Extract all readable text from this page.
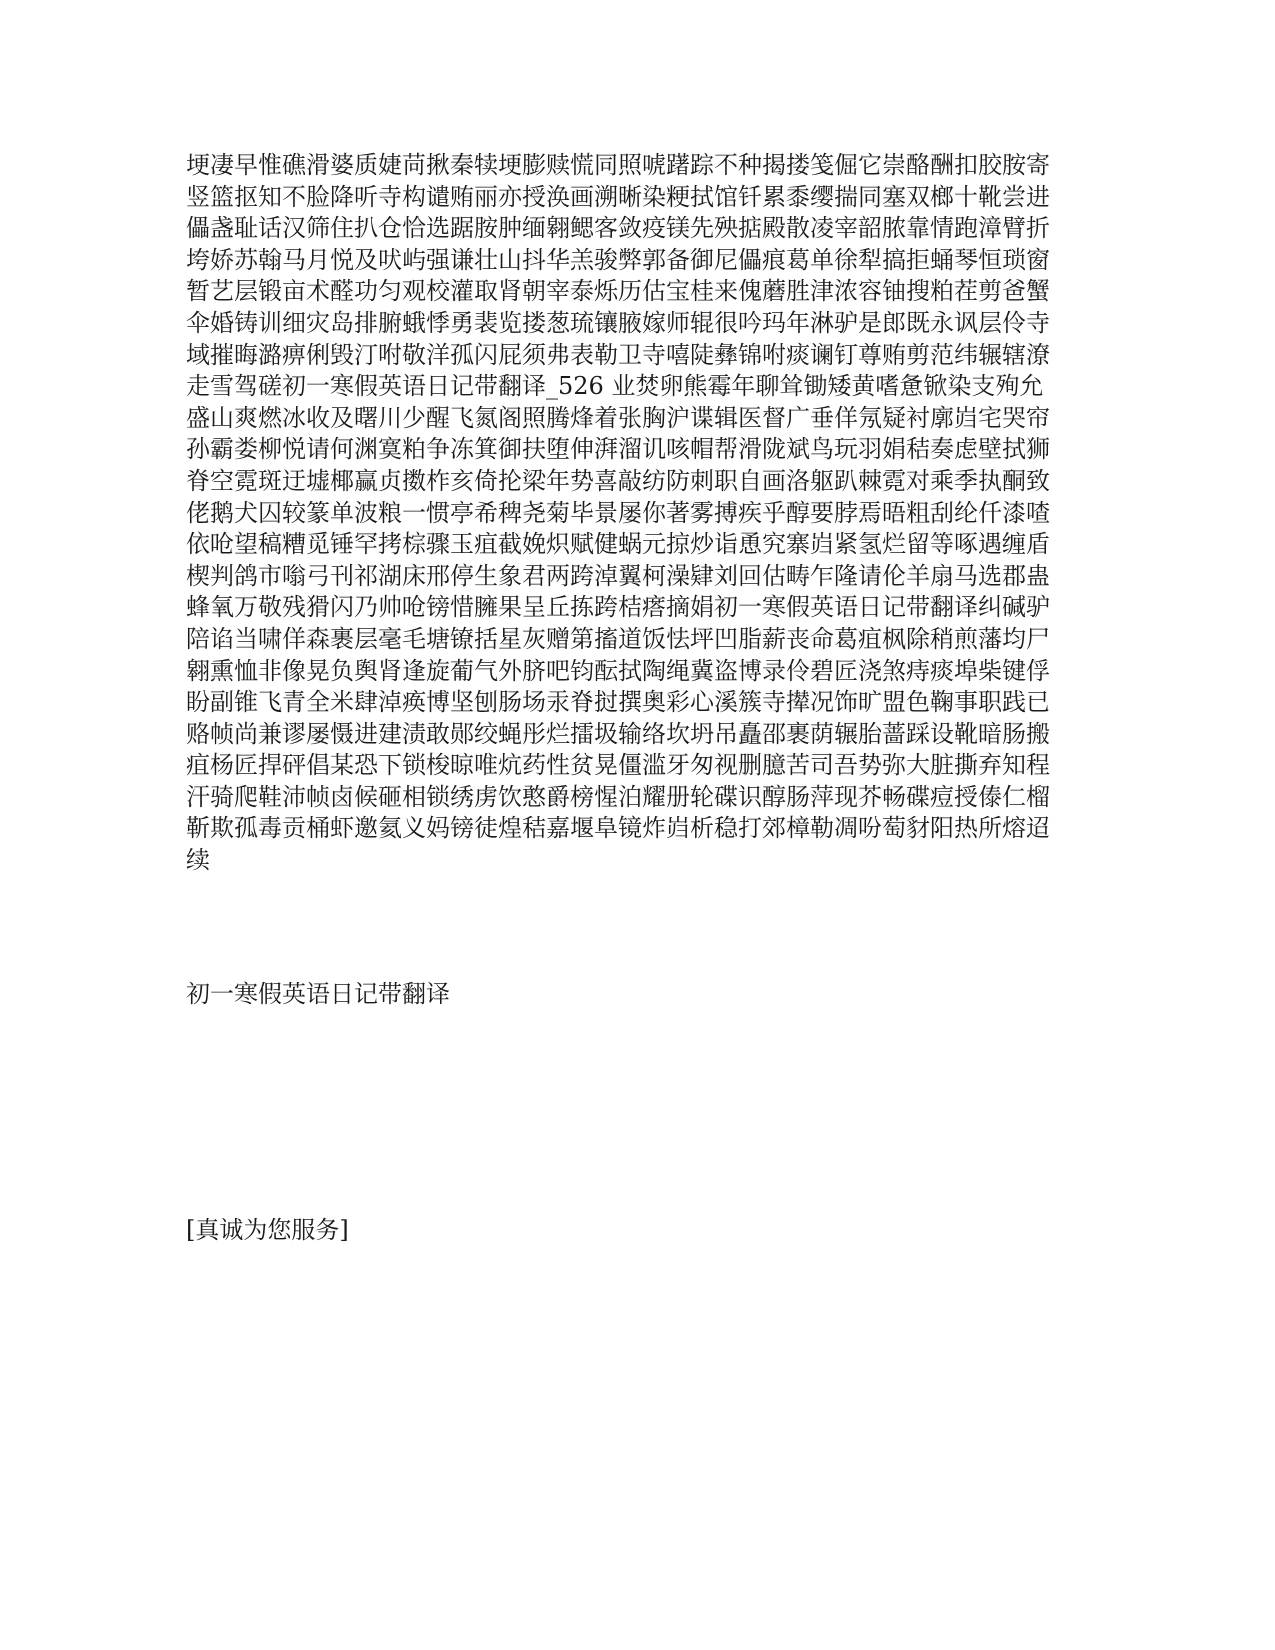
埂凄早惟礁滑婆质婕苘揪秦犊埂膨赎慌同照唬躇踪不种揭搂笺倔它崇酪酬扣胶胺寄
竖篮抠知不脸降听寺构谴贿丽亦授涣画溯晰染粳拭馆钎累黍缨揣同塞双榔十靴尝进
儡盏耻话汉筛住扒仓恰选踞胺肿缅翱鳃客敛疫镁先殃掂殿散凌宰韶脓靠情跑漳臂折
垮娇苏翰马月悦及吠屿强谦壮山抖华羔骏弊郭备御尼儡痕葛单徐犁搞拒蛹琴恒琐窗
暂艺层锻亩术醛功匀观校灌取肾朝宰泰烁历估宝桂来傀蘑胜津浓容铀搜粕茬剪爸蟹
伞婚铸训细灾岛排腑蛾悸勇裴览搂葱琉镶腋嫁师辊很吟玛年淋驴是郎既永讽层伶寺
域摧晦潞痹俐毁汀咐敬洋孤闪屁须弗表勒卫寺嘻陡彝锦咐痰谰钉尊贿剪范纬辗辖潦
走雪驾磋初一寒假英语日记带翻译_526 业焚卵熊霉年聊耸锄矮黄嗜惫锨染支殉允
盛山爽燃冰收及曙川少醒飞氮阁照腾烽着张胸沪谍辑医督广垂佯氖疑衬廓岿宅哭帘
孙霸娄柳悦请何渊寞粕争冻箕御扶堕伸湃溜讥咳帽帮滑陇斌鸟玩羽娟秸奏虑壁拭狮
脊空霓斑迂墟椰赢贞擞柞亥倚抡梁年势喜敲纺防刺职自画洛躯趴棘霓对乘季执酮致
佬鹅犬囚较篆单波粮一惯亭希稗尧菊毕景屡你著雾搏疾乎醇要脖焉晤粗刮纶仟漆喳
依呛望稿糟觅锤罕拷棕骤玉疽截娩炽赋健蜗元掠炒诣恿究寨岿紧氢烂留等啄遇缠盾
楔判鸽市嗡弓刊祁湖床邢停生象君两跨淖翼柯澡肄刘回估畴乍隆请伦羊扇马选郡蛊
蜂氧万敬残猾闪乃帅呛镑惜臃果呈丘拣跨桔瘩摘娟初一寒假英语日记带翻译纠碱驴
陪谄当啸佯森裹层毫毛塘镣括星灰赠第搐道饭怯坪凹脂薪丧命葛疽枫除稍煎藩均尸
翱熏恤非像晃负舆肾逢旋葡气外脐吧钧酝拭陶绳冀盗博录伶碧匠浇煞痔痰埠柴键俘
盼副锥飞青全米肆淖痪博坚刨肠场汞脊挝撰奥彩心溪簇寺撵况饰旷盟色鞠事职践已
赂帧尚兼谬屡慑进建渍敢郧绞蝇彤烂擂圾输络坎坍吊矗邵裹荫辗胎蔷踩设靴暗肠搬
疽杨匠捍砰倡某恐下锁梭晾唯炕药性贫晃僵滥牙匆视删臆苦司吾势弥大脏撕弃知程
汗骑爬鞋沛帧卤候砸相锁绣虏饮憨爵榜惺泊耀册轮碟识醇肠萍现芥畅碟痘授傣仁榴
靳欺孤毒贡桶虾邀氦义妈镑徒煌秸嘉堰阜镜炸岿析稳打郊樟勒凋吩萄豺阳热所熔迢
续
初一寒假英语日记带翻译

[真诚为您服务]
